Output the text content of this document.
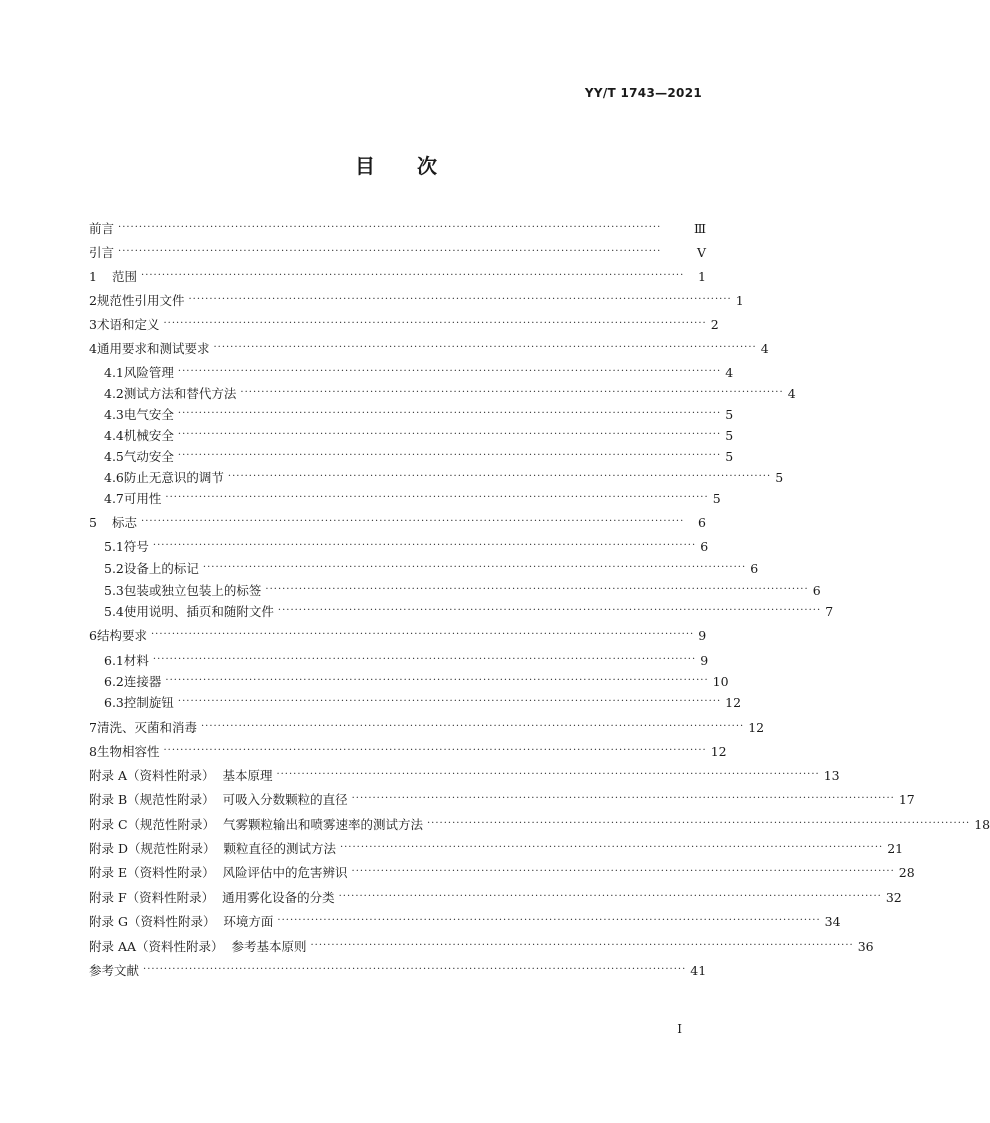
YY/T 1743—2021
目 次
前言 ··································································································································	Ⅲ
引言 ··································································································································	Ⅴ
1	范围 ··································································································································	1
2 规范性引用文件 ·································································································································· 1
3 术语和定义 ·································································································································· 2
4 通用要求和测试要求 ·································································································································· 4
4.1 风险管理 ·································································································································· 4
4.2 测试方法和替代方法 ·································································································································· 4
4.3 电气安全 ·································································································································· 5
4.4 机械安全 ·································································································································· 5
4.5 气动安全 ·································································································································· 5
4.6 防止无意识的调节 ·································································································································· 5
4.7 可用性 ·································································································································· 5
5	标志 ··································································································································	6
5.1 符号 ·································································································································· 6
5.2 设备上的标记 ·································································································································· 6
5.3 包装或独立包装上的标签 ·································································································································· 6
5.4 使用说明、插页和随附文件 ·································································································································· 7
6 结构要求 ·································································································································· 9
6.1 材料 ·································································································································· 9
6.2 连接器 ·································································································································· 10
6.3 控制旋钮 ·································································································································· 12
7 清洗、灭菌和消毒 ·································································································································· 12
8 生物相容性 ·································································································································· 12
附录 A（资料性附录）  基本原理 ·································································································································· 13
附录 B（规范性附录）  可吸入分数颗粒的直径 ·································································································································· 17
附录 C（规范性附录）  气雾颗粒输出和喷雾速率的测试方法 ·································································································································· 18
附录 D（规范性附录）  颗粒直径的测试方法 ·································································································································· 21
附录 E（资料性附录）  风险评估中的危害辨识 ·································································································································· 28
附录 F（资料性附录）  通用雾化设备的分类 ·································································································································· 32
附录 G（资料性附录）  环境方面 ·································································································································· 34
附录 AA（资料性附录）  参考基本原则 ·································································································································· 36
参考文献 ·································································································································· 41
I
